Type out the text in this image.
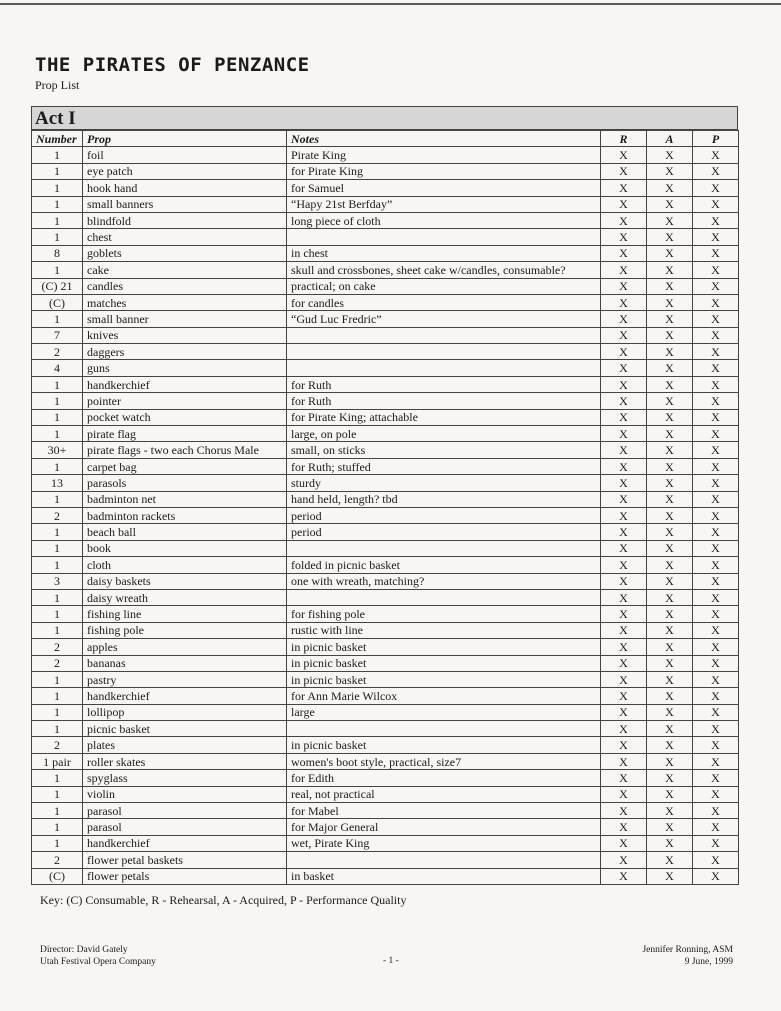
THE PIRATES OF PENZANCE
Prop List
Act I
Number	Prop	Notes	R	A	P
1	foil	Pirate King	X	X	X
1	eye patch	for Pirate King	X	X	X
1	hook hand	for Samuel	X	X	X
1	small banners	“Hapy 21st Berfday”	X	X	X
1	blindfold	long piece of cloth	X	X	X
1	chest		X	X	X
8	goblets	in chest	X	X	X
1	cake	skull and crossbones, sheet cake w/candles, consumable?	X	X	X
(C) 21	candles	practical; on cake	X	X	X
(C)	matches	for candles	X	X	X
1	small banner	“Gud Luc Fredric”	X	X	X
7	knives		X	X	X
2	daggers		X	X	X
4	guns		X	X	X
1	handkerchief	for Ruth	X	X	X
1	pointer	for Ruth	X	X	X
1	pocket watch	for Pirate King; attachable	X	X	X
1	pirate flag	large, on pole	X	X	X
30+	pirate flags - two each Chorus Male	small, on sticks	X	X	X
1	carpet bag	for Ruth; stuffed	X	X	X
13	parasols	sturdy	X	X	X
1	badminton net	hand held, length? tbd	X	X	X
2	badminton rackets	period	X	X	X
1	beach ball	period	X	X	X
1	book		X	X	X
1	cloth	folded in picnic basket	X	X	X
3	daisy baskets	one with wreath, matching?	X	X	X
1	daisy wreath		X	X	X
1	fishing line	for fishing pole	X	X	X
1	fishing pole	rustic with line	X	X	X
2	apples	in picnic basket	X	X	X
2	bananas	in picnic basket	X	X	X
1	pastry	in picnic basket	X	X	X
1	handkerchief	for Ann Marie Wilcox	X	X	X
1	lollipop	large	X	X	X
1	picnic basket		X	X	X
2	plates	in picnic basket	X	X	X
1 pair	roller skates	women's boot style, practical, size7	X	X	X
1	spyglass	for Edith	X	X	X
1	violin	real, not practical	X	X	X
1	parasol	for Mabel	X	X	X
1	parasol	for Major General	X	X	X
1	handkerchief	wet, Pirate King	X	X	X
2	flower petal baskets		X	X	X
(C)	flower petals	in basket	X	X	X
Key: (C) Consumable, R - Rehearsal, A - Acquired, P - Performance Quality
Director: David Gately
Utah Festival Opera Company	- 1 -
Jennifer Ronning, ASM
9 June, 1999
